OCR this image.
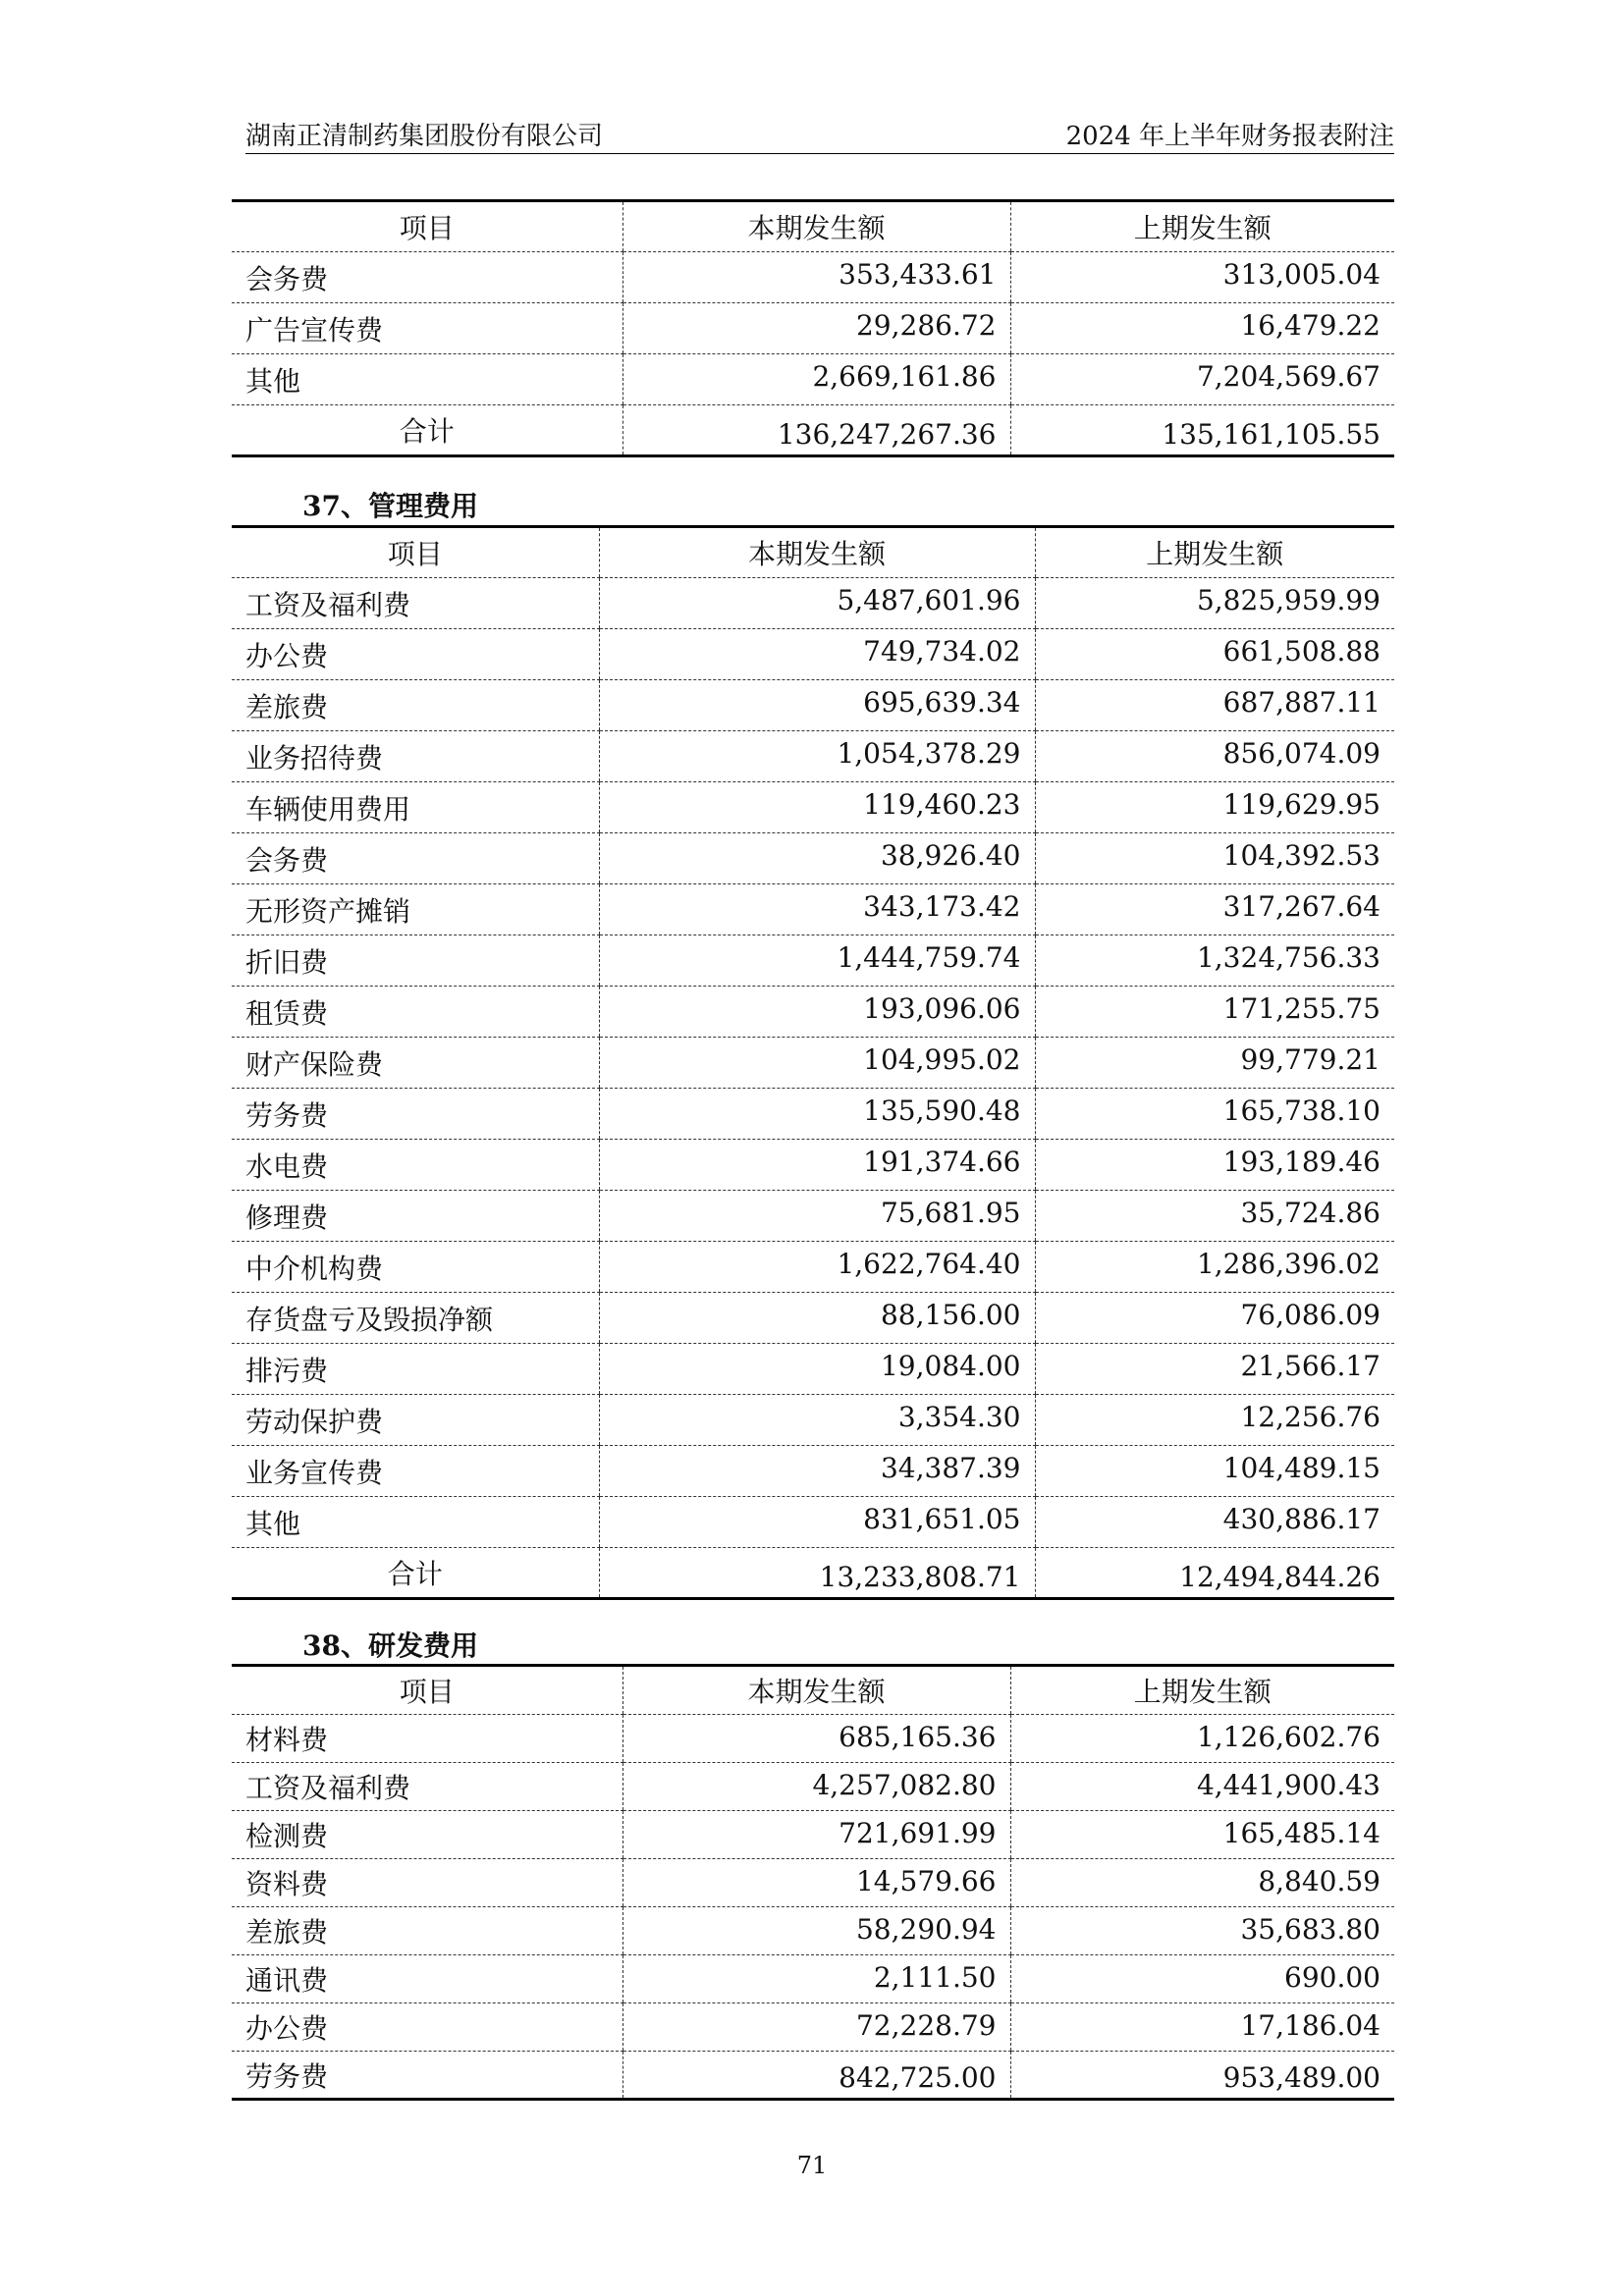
湖南正清制药集团股份有限公司	2024 年上半年财务报表附注
项目	本期发生额	上期发生额
会务费	353,433.61	313,005.04
广告宣传费	29,286.72	16,479.22
其他	2,669,161.86	7,204,569.67
合计	136,247,267.36	135,161,105.55
37、管理费用
项目	本期发生额	上期发生额
工资及福利费	5,487,601.96	5,825,959.99
办公费	749,734.02	661,508.88
差旅费	695,639.34	687,887.11
业务招待费	1,054,378.29	856,074.09
车辆使用费用	119,460.23	119,629.95
会务费	38,926.40	104,392.53
无形资产摊销	343,173.42	317,267.64
折旧费	1,444,759.74	1,324,756.33
租赁费	193,096.06	171,255.75
财产保险费	104,995.02	99,779.21
劳务费	135,590.48	165,738.10
水电费	191,374.66	193,189.46
修理费	75,681.95	35,724.86
中介机构费	1,622,764.40	1,286,396.02
存货盘亏及毁损净额	88,156.00	76,086.09
排污费	19,084.00	21,566.17
劳动保护费	3,354.30	12,256.76
业务宣传费	34,387.39	104,489.15
其他	831,651.05	430,886.17
合计	13,233,808.71	12,494,844.26
38、研发费用
项目	本期发生额	上期发生额
材料费	685,165.36	1,126,602.76
工资及福利费	4,257,082.80	4,441,900.43
检测费	721,691.99	165,485.14
资料费	14,579.66	8,840.59
差旅费	58,290.94	35,683.80
通讯费	2,111.50	690.00
办公费	72,228.79	17,186.04
劳务费	842,725.00	953,489.00
71
